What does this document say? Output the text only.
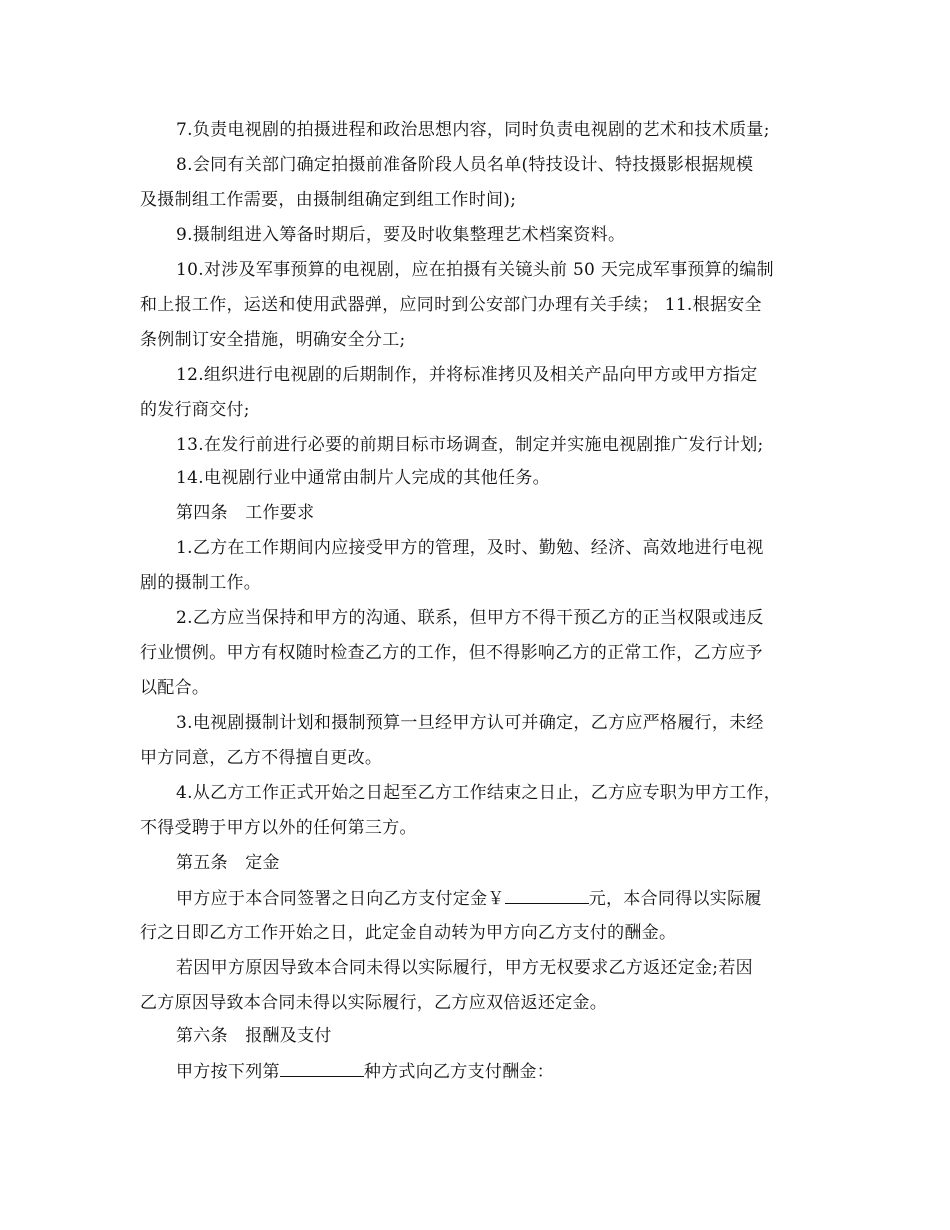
7.负责电视剧的拍摄进程和政治思想内容，同时负责电视剧的艺术和技术质量;
8.会同有关部门确定拍摄前准备阶段人员名单(特技设计、特技摄影根据规模
及摄制组工作需要，由摄制组确定到组工作时间);
9.摄制组进入筹备时期后，要及时收集整理艺术档案资料。
10.对涉及军事预算的电视剧，应在拍摄有关镜头前 50 天完成军事预算的编制
和上报工作，运送和使用武器弹，应同时到公安部门办理有关手续； 11.根据安全
条例制订安全措施，明确安全分工;
12.组织进行电视剧的后期制作，并将标准拷贝及相关产品向甲方或甲方指定
的发行商交付;
13.在发行前进行必要的前期目标市场调查，制定并实施电视剧推广发行计划;
14.电视剧行业中通常由制片人完成的其他任务。
第四条　工作要求
1.乙方在工作期间内应接受甲方的管理，及时、勤勉、经济、高效地进行电视
剧的摄制工作。
2.乙方应当保持和甲方的沟通、联系，但甲方不得干预乙方的正当权限或违反
行业惯例。甲方有权随时检查乙方的工作，但不得影响乙方的正常工作，乙方应予
以配合。
3.电视剧摄制计划和摄制预算一旦经甲方认可并确定，乙方应严格履行，未经
甲方同意，乙方不得擅自更改。
4.从乙方工作正式开始之日起至乙方工作结束之日止，乙方应专职为甲方工作，
不得受聘于甲方以外的任何第三方。
第五条　定金
甲方应于本合同签署之日向乙方支付定金￥	元，本合同得以实际履
行之日即乙方工作开始之日，此定金自动转为甲方向乙方支付的酬金。
若因甲方原因导致本合同未得以实际履行，甲方无权要求乙方返还定金;若因
乙方原因导致本合同未得以实际履行，乙方应双倍返还定金。
第六条　报酬及支付
甲方按下列第	种方式向乙方支付酬金：
